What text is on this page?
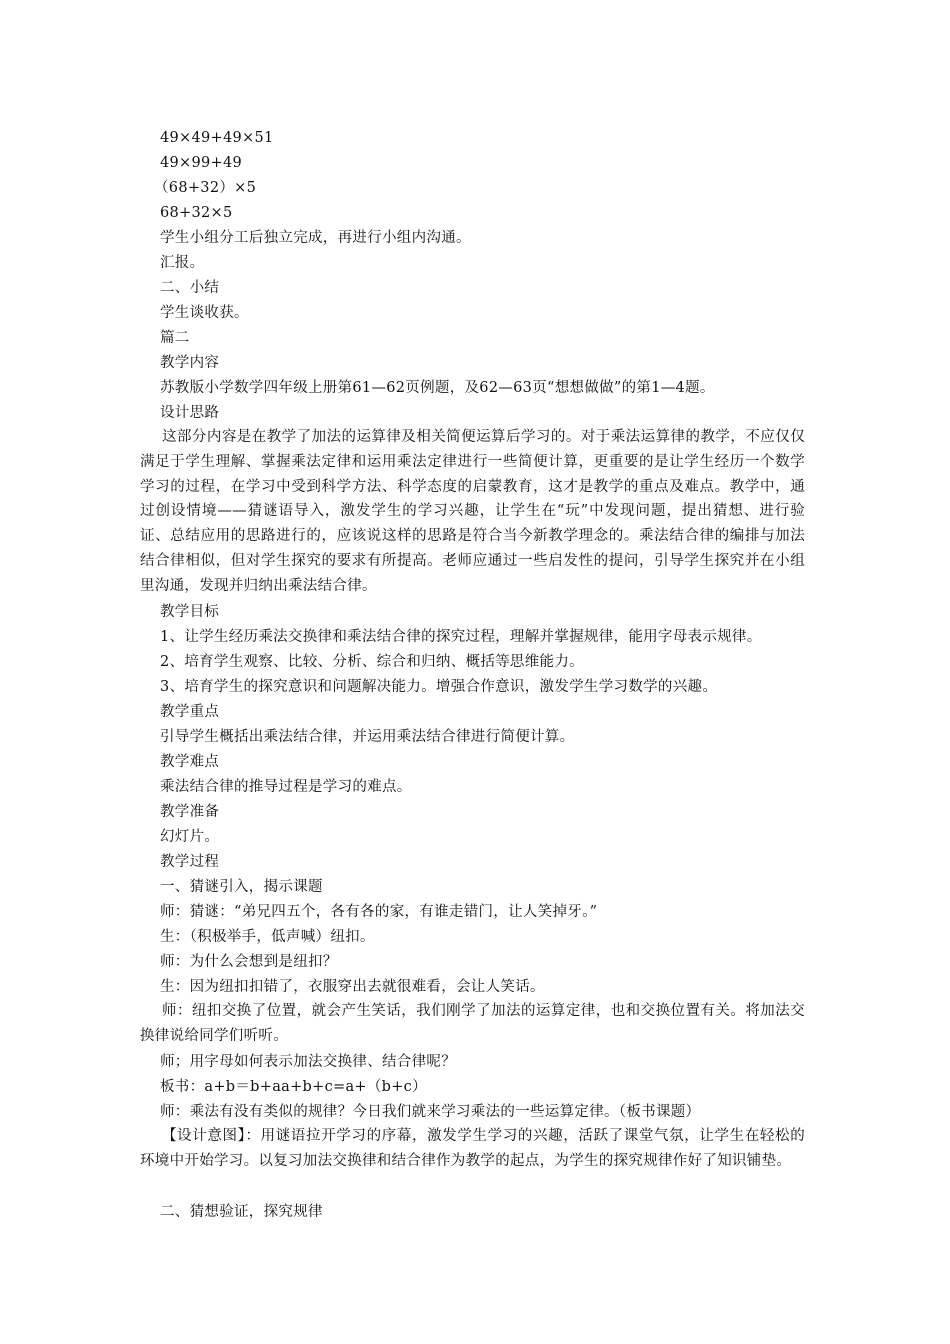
49×49+49×51
49×99+49
（68+32）×5
68+32×5
学生小组分工后独立完成，再进行小组内沟通。
汇报。
二、小结
学生谈收获。
篇二
教学内容
苏教版小学数学四年级上册第61—62页例题，及62—63页“想想做做”的第1—4题。
设计思路
这部分内容是在教学了加法的运算律及相关简便运算后学习的。对于乘法运算律的教学，不应仅仅满足于学生理解、掌握乘法定律和运用乘法定律进行一些简便计算，更重要的是让学生经历一个数学学习的过程，在学习中受到科学方法、科学态度的启蒙教育，这才是教学的重点及难点。教学中，通过创设情境——猜谜语导入，激发学生的学习兴趣，让学生在“玩”中发现问题，提出猜想、进行验证、总结应用的思路进行的，应该说这样的思路是符合当今新教学理念的。乘法结合律的编排与加法结合律相似，但对学生探究的要求有所提高。老师应通过一些启发性的提问，引导学生探究并在小组里沟通，发现并归纳出乘法结合律。
教学目标
1、让学生经历乘法交换律和乘法结合律的探究过程，理解并掌握规律，能用字母表示规律。
2、培育学生观察、比较、分析、综合和归纳、概括等思维能力。
3、培育学生的探究意识和问题解决能力。增强合作意识，激发学生学习数学的兴趣。
教学重点
引导学生概括出乘法结合律，并运用乘法结合律进行简便计算。
教学难点
乘法结合律的推导过程是学习的难点。
教学准备
幻灯片。
教学过程
一、猜谜引入，揭示课题
师：猜谜：“弟兄四五个，各有各的家，有谁走错门，让人笑掉牙。”
生：（积极举手，低声喊）纽扣。
师：为什么会想到是纽扣？
生：因为纽扣扣错了，衣服穿出去就很难看，会让人笑话。
师：纽扣交换了位置，就会产生笑话，我们刚学了加法的运算定律，也和交换位置有关。将加法交换律说给同学们听听。
师；用字母如何表示加法交换律、结合律呢？
板书：a+b＝b+aa+b+c=a+（b+c）
师：乘法有没有类似的规律？今日我们就来学习乘法的一些运算定律。（板书课题）
【设计意图】：用谜语拉开学习的序幕，激发学生学习的兴趣，活跃了课堂气氛，让学生在轻松的环境中开始学习。以复习加法交换律和结合律作为教学的起点，为学生的探究规律作好了知识铺垫。
二、猜想验证，探究规律
